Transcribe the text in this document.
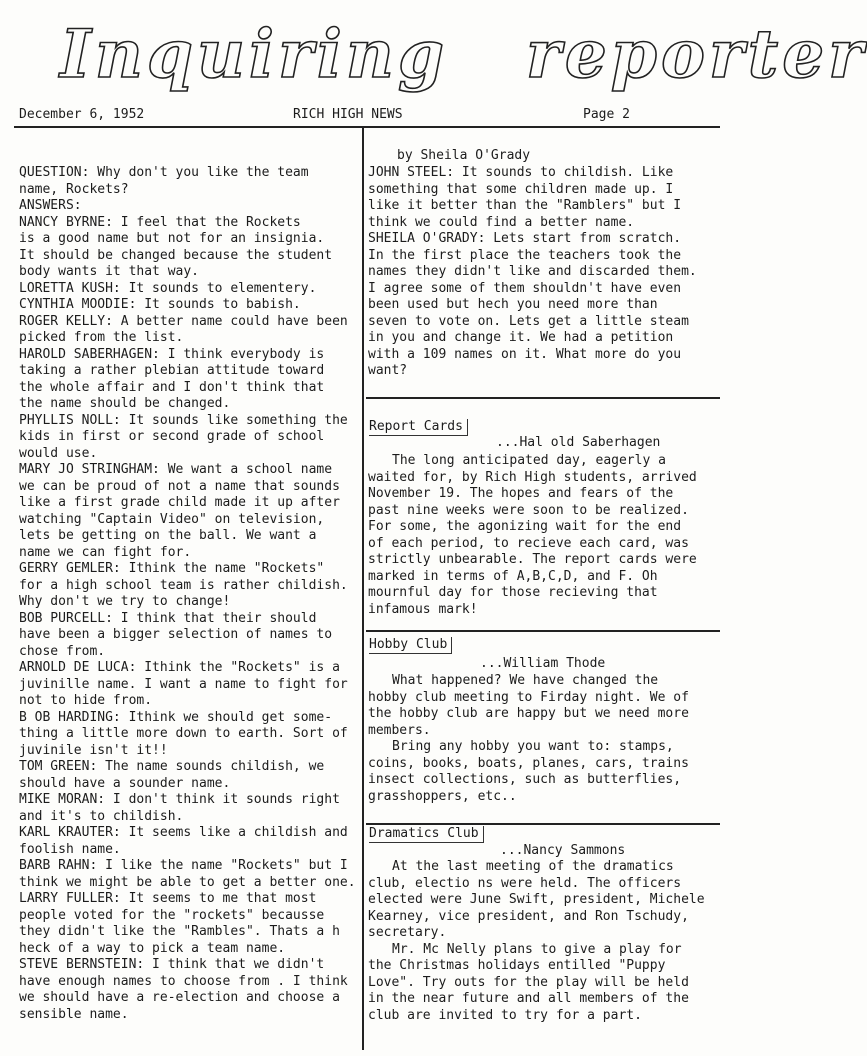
Inquiring reporter
December 6, 1952	RICH HIGH NEWS	Page 2
QUESTION: Why don't you like the team
name, Rockets?
ANSWERS:
NANCY BYRNE: I feel that the Rockets
is a good name but not for an insignia.
It should be changed because the student
body wants it that way.
LORETTA KUSH: It sounds to elementery.
CYNTHIA MOODIE: It sounds to babish.
ROGER KELLY: A better name could have been
picked from the list.
HAROLD SABERHAGEN: I think everybody is
taking a rather plebian attitude toward
the whole affair and I don't think that
the name should be changed.
PHYLLIS NOLL: It sounds like something the
kids in first or second grade of school
would use.
MARY JO STRINGHAM: We want a school name
we can be proud of not a name that sounds
like a first grade child made it up after
watching "Captain Video" on television,
lets be getting on the ball. We want a
name we can fight for.
GERRY GEMLER: Ithink the name "Rockets"
for a high school team is rather childish.
Why don't we try to change!
BOB PURCELL: I think that their should
have been a bigger selection of names to
chose from.
ARNOLD DE LUCA: Ithink the "Rockets" is a
juvinille name. I want a name to fight for
not to hide from.
B OB HARDING: Ithink we should get some-
thing a little more down to earth. Sort of
juvinile isn't it!!
TOM GREEN: The name sounds childish, we
should have a sounder name.
MIKE MORAN: I don't think it sounds right
and it's to childish.
KARL KRAUTER: It seems like a childish and
foolish name.
BARB RAHN: I like the name "Rockets" but I
think we might be able to get a better one.
LARRY FULLER: It seems to me that most
people voted for the "rockets" becausse
they didn't like the "Rambles". Thats a h
heck of a way to pick a team name.
STEVE BERNSTEIN: I think that we didn't
have enough names to choose from . I think
we should have a re-election and choose a
sensible name.
by Sheila O'Grady
JOHN STEEL: It sounds to childish. Like
something that some children made up. I
like it better than the "Ramblers" but I
think we could find a better name.
SHEILA O'GRADY: Lets start from scratch.
In the first place the teachers took the
names they didn't like and discarded them.
I agree some of them shouldn't have even
been used but hech you need more than
seven to vote on. Lets get a little steam
in you and change it. We had a petition
with a 109 names on it. What more do you
want?
Report Cards
...Hal old Saberhagen
The long anticipated day, eagerly a
waited for, by Rich High students, arrived
November 19. The hopes and fears of the
past nine weeks were soon to be realized.
For some, the agonizing wait for the end
of each period, to recieve each card, was
strictly unbearable. The report cards were
marked in terms of A,B,C,D, and F. Oh
mournful day for those recieving that
infamous mark!
Hobby Club
...William Thode
What happened? We have changed the
hobby club meeting to Firday night. We of
the hobby club are happy but we need more
members.
Bring any hobby you want to: stamps,
coins, books, boats, planes, cars, trains
insect collections, such as butterflies,
grasshoppers, etc..
Dramatics Club
...Nancy Sammons
At the last meeting of the dramatics
club, electio ns were held. The officers
elected were June Swift, president, Michele
Kearney, vice president, and Ron Tschudy,
secretary.
Mr. Mc Nelly plans to give a play for
the Christmas holidays entilled "Puppy
Love". Try outs for the play will be held
in the near future and all members of the
club are invited to try for a part.
